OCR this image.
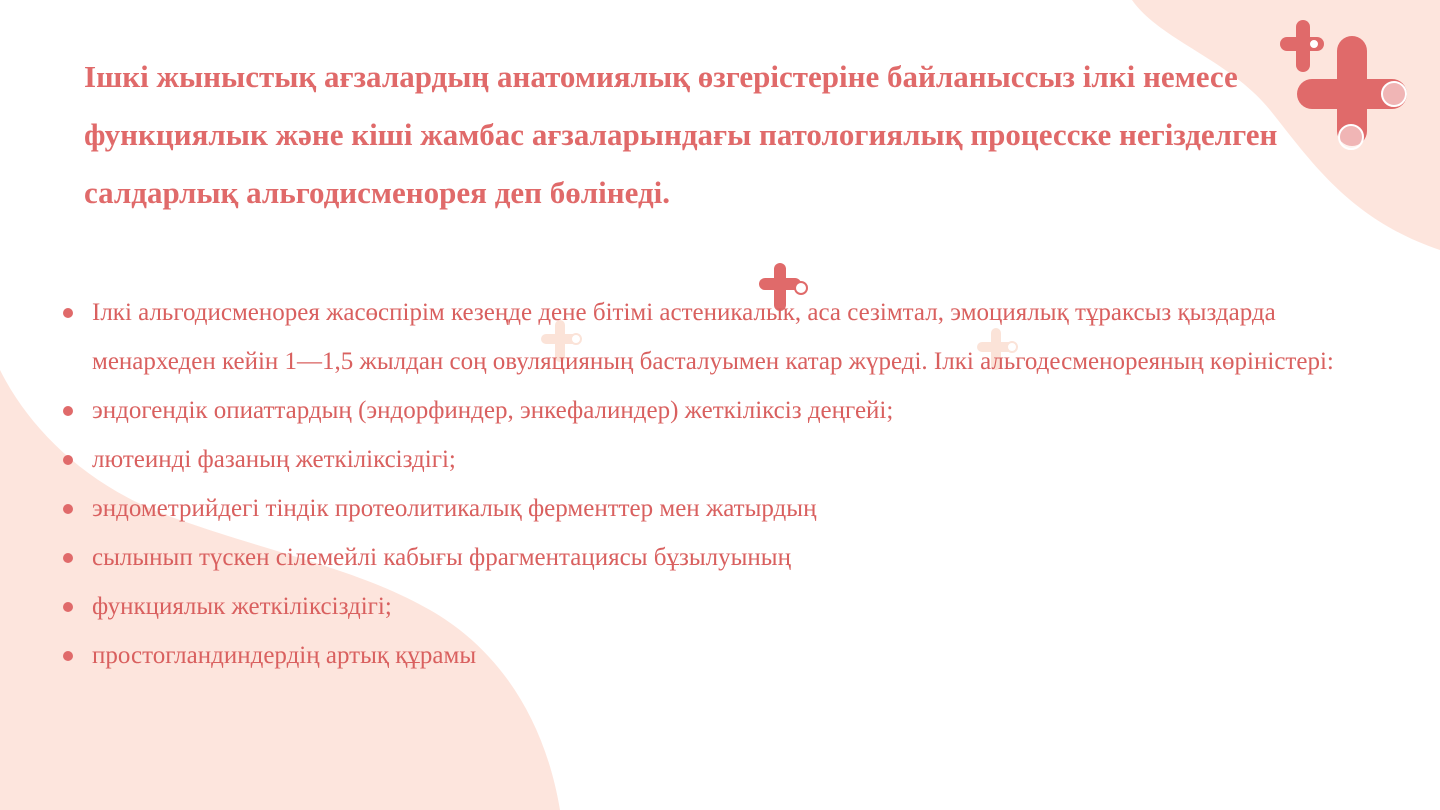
Ішкі жыныстық ағзалардың анатомиялық өзгерістеріне байланыссыз ілкі немесе функциялык және кіші жамбас ағзаларындағы патологиялық процесске негізделген салдарлық альгодисменорея деп бөлінеді.
Ілкі альгодисменорея жасөспірім кезеңде дене бітімі астеникалык, аса сезімтал, эмоциялық тұраксыз қыздарда менархеден кейін 1—1,5 жылдан соң овуляцияның басталуымен катар жүреді. Ілкі альгодесменореяның көріністері:
эндогендік опиаттардың (эндорфиндер, энкефалиндер) жеткіліксіз деңгейі;
лютеинді фазаның жеткіліксіздігі;
эндометрийдегі тіндік протеолитикалық ферменттер мен жатырдың
сылынып түскен сілемейлі кабығы фрагментациясы бұзылуының
функциялык жеткіліксіздігі;
простогландиндердің артық құрамы
